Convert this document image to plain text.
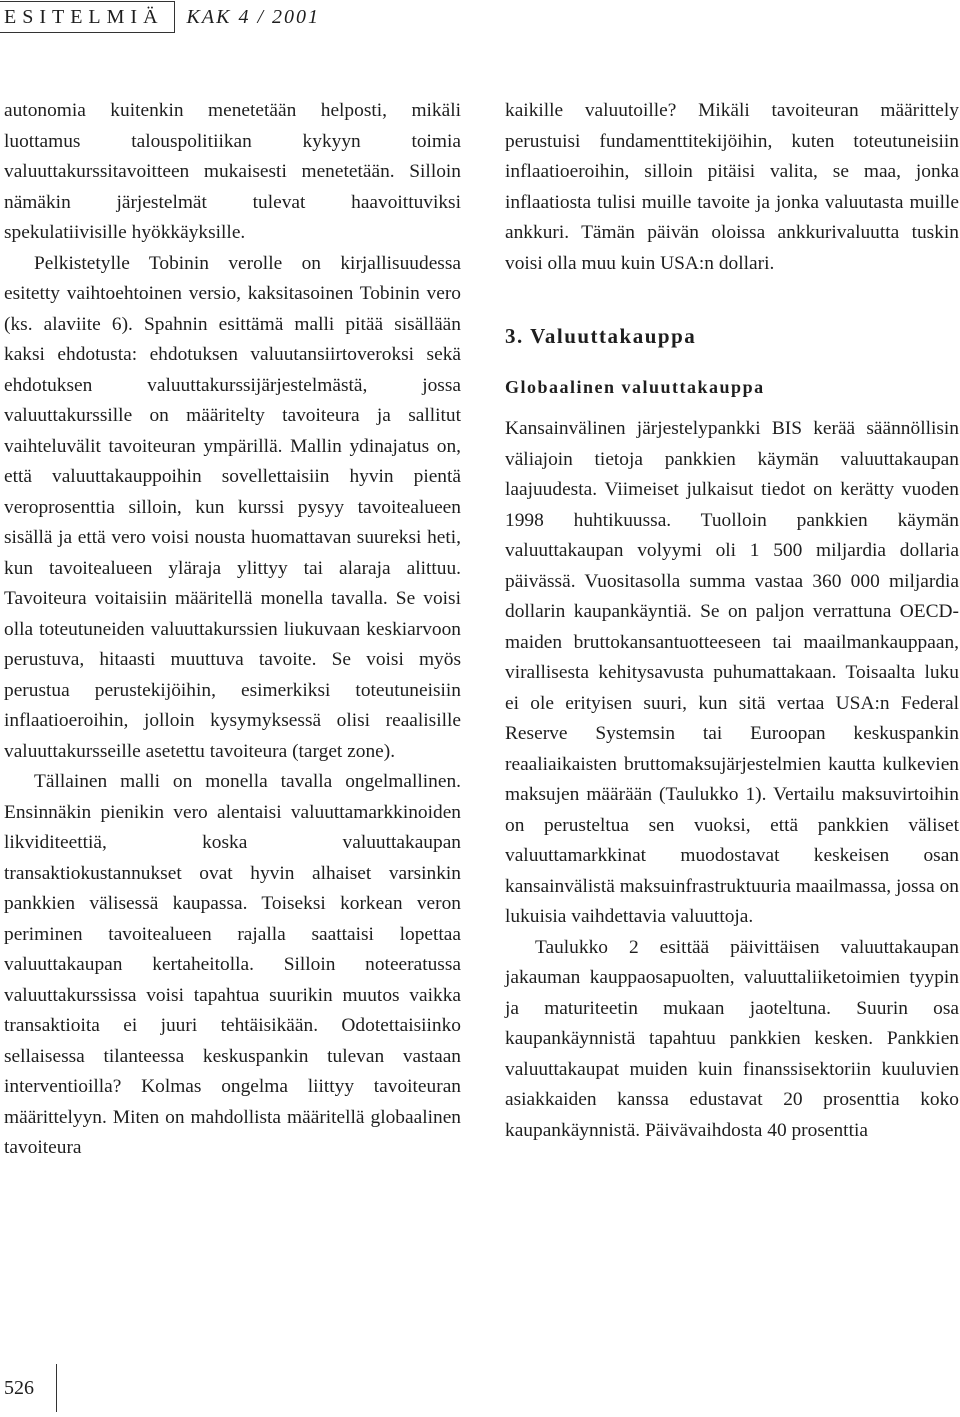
ESITELMIÄ	KAK 4 / 2001

autonomia kuitenkin menetetään helposti, mikäli luottamus talouspolitiikan kykyyn toimia valuuttakurssitavoitteen mukaisesti menetetään. Silloin nämäkin järjestelmät tulevat haavoittuviksi spekulatiivisille hyökkäyksille.

Pelkistetylle Tobinin verolle on kirjallisuudessa esitetty vaihtoehtoinen versio, kaksitasoinen Tobinin vero (ks. alaviite 6). Spahnin esittämä malli pitää sisällään kaksi ehdotusta: ehdotuksen valuutansiirtoveroksi sekä ehdotuksen valuuttakurssijärjestelmästä, jossa valuuttakurssille on määritelty tavoiteura ja sallitut vaihteluvälit tavoiteuran ympärillä. Mallin ydinajatus on, että valuuttakauppoihin sovellettaisiin hyvin pientä veroprosenttia silloin, kun kurssi pysyy tavoitealueen sisällä ja että vero voisi nousta huomattavan suureksi heti, kun tavoitealueen yläraja ylittyy tai alaraja alittuu. Tavoiteura voitaisiin määritellä monella tavalla. Se voisi olla toteutuneiden valuuttakurssien liukuvaan keskiarvoon perustuva, hitaasti muuttuva tavoite. Se voisi myös perustua perustekijöihin, esimerkiksi toteutuneisiin inflaatioeroihin, jolloin kysymyksessä olisi reaalisille valuuttakursseille asetettu tavoiteura (target zone).

Tällainen malli on monella tavalla ongelmallinen. Ensinnäkin pienikin vero alentaisi valuuttamarkkinoiden likviditeettiä, koska valuuttakaupan transaktiokustannukset ovat hyvin alhaiset varsinkin pankkien välisessä kaupassa. Toiseksi korkean veron periminen tavoitealueen rajalla saattaisi lopettaa valuuttakaupan kertaheitolla. Silloin noteeratussa valuuttakurssissa voisi tapahtua suurikin muutos vaikka transaktioita ei juuri tehtäisikään. Odotettaisiinko sellaisessa tilanteessa keskuspankin tulevan vastaan interventioilla? Kolmas ongelma liittyy tavoiteuran määrittelyyn. Miten on mahdollista määritellä globaalinen tavoiteura

kaikille valuutoille? Mikäli tavoiteuran määrittely perustuisi fundamenttitekijöihin, kuten toteutuneisiin inflaatioeroihin, silloin pitäisi valita, se maa, jonka inflaatiosta tulisi muille tavoite ja jonka valuutasta muille ankkuri. Tämän päivän oloissa ankkurivaluutta tuskin voisi olla muu kuin USA:n dollari.

3. Valuuttakauppa
Globaalinen valuuttakauppa

Kansainvälinen järjestelypankki BIS kerää säännöllisin väliajoin tietoja pankkien käymän valuuttakaupan laajuudesta. Viimeiset julkaisut tiedot on kerätty vuoden 1998 huhtikuussa. Tuolloin pankkien käymän valuuttakaupan volyymi oli 1 500 miljardia dollaria päivässä. Vuositasolla summa vastaa 360 000 miljardia dollarin kaupankäyntiä. Se on paljon verrattuna OECD-maiden bruttokansantuotteeseen tai maailmankauppaan, virallisesta kehitysavusta puhumattakaan. Toisaalta luku ei ole erityisen suuri, kun sitä vertaa USA:n Federal Reserve Systemsin tai Euroopan keskuspankin reaaliaikaisten bruttomaksujärjestelmien kautta kulkevien maksujen määrään (Taulukko 1). Vertailu maksuvirtoihin on perusteltua sen vuoksi, että pankkien väliset valuuttamarkkinat muodostavat keskeisen osan kansainvälistä maksuinfrastruktuuria maailmassa, jossa on lukuisia vaihdettavia valuuttoja.

Taulukko 2 esittää päivittäisen valuuttakaupan jakauman kauppaosapuolten, valuuttaliiketoimien tyypin ja maturiteetin mukaan jaoteltuna. Suurin osa kaupankäynnistä tapahtuu pankkien kesken. Pankkien valuuttakaupat muiden kuin finanssisektoriin kuuluvien asiakkaiden kanssa edustavat 20 prosenttia koko kaupankäynnistä. Päivävaihdosta 40 prosenttia

526
